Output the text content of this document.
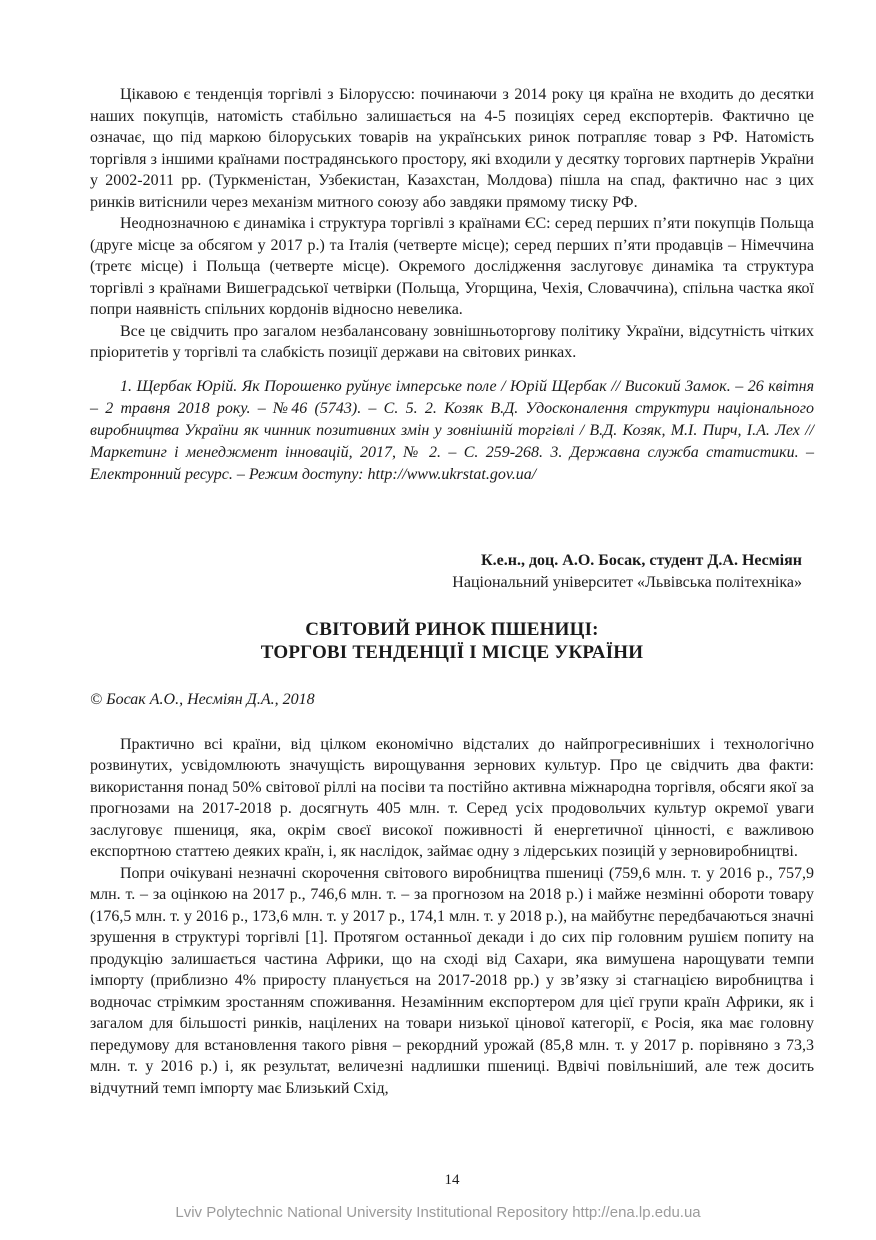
Цікавою є тенденція торгівлі з Білоруссю: починаючи з 2014 року ця країна не входить до десятки наших покупців, натомість стабільно залишається на 4-5 позиціях серед експортерів. Фактично це означає, що під маркою білоруських товарів на українських ринок потрапляє товар з РФ. Натомість торгівля з іншими країнами пострадянського простору, які входили у десятку торгових партнерів України у 2002-2011 рр. (Туркменістан, Узбекистан, Казахстан, Молдова) пішла на спад, фактично нас з цих ринків витіснили через механізм митного союзу або завдяки прямому тиску РФ.

Неоднозначною є динаміка і структура торгівлі з країнами ЄС: серед перших п’яти покупців Польща (друге місце за обсягом у 2017 р.) та Італія (четверте місце); серед перших п’яти продавців – Німеччина (третє місце) і Польща (четверте місце). Окремого дослідження заслуговує динаміка та структура торгівлі з країнами Вишеградської четвірки (Польща, Угорщина, Чехія, Словаччина), спільна частка якої попри наявність спільних кордонів відносно невелика.

Все це свідчить про загалом незбалансовану зовнішньоторгову політику України, відсутність чітких пріоритетів у торгівлі та слабкість позиції держави на світових ринках.

1. Щербак Юрій. Як Порошенко руйнує імперське поле / Юрій Щербак // Високий Замок. – 26 квітня – 2 травня 2018 року. – №46 (5743). – С. 5. 2. Козяк В.Д. Удосконалення структури національного виробництва України як чинник позитивних змін у зовнішній торгівлі / В.Д. Козяк, М.І. Пирч, І.А. Лех // Маркетинг і менеджмент інновацій, 2017, № 2. – С. 259-268. 3. Державна служба статистики. – Електронний ресурс. – Режим доступу: http://www.ukrstat.gov.ua/

К.е.н., доц. А.О. Босак, студент Д.А. Несміян
Національний університет «Львівська політехніка»
СВІТОВИЙ РИНОК ПШЕНИЦІ:
ТОРГОВІ ТЕНДЕНЦІЇ І МІСЦЕ УКРАЇНИ

© Босак А.О., Несміян Д.А., 2018

Практично всі країни, від цілком економічно відсталих до найпрогресивніших і технологічно розвинутих, усвідомлюють значущість вирощування зернових культур. Про це свідчить два факти: використання понад 50% світової ріллі на посіви та постійно активна міжнародна торгівля, обсяги якої за прогнозами на 2017-2018 р. досягнуть 405 млн. т. Серед усіх продовольчих культур окремої уваги заслуговує пшениця, яка, окрім своєї високої поживності й енергетичної цінності, є важливою експортною статтею деяких країн, і, як наслідок, займає одну з лідерських позицій у зерновиробництві.

Попри очікувані незначні скорочення світового виробництва пшениці (759,6 млн. т. у 2016 р., 757,9 млн. т. – за оцінкою на 2017 р., 746,6 млн. т. – за прогнозом на 2018 р.) і майже незмінні обороти товару (176,5 млн. т. у 2016 р., 173,6 млн. т. у 2017 р., 174,1 млн. т. у 2018 р.), на майбутнє передбачаються значні зрушення в структурі торгівлі [1]. Протягом останньої декади і до сих пір головним рушієм попиту на продукцію залишається частина Африки, що на сході від Сахари, яка вимушена нарощувати темпи імпорту (приблизно 4% приросту планується на 2017-2018 рр.) у зв’язку зі стагнацією виробництва і водночас стрімким зростанням споживання. Незамінним експортером для цієї групи країн Африки, як і загалом для більшості ринків, націлених на товари низької цінової категорії, є Росія, яка має головну передумову для встановлення такого рівня – рекордний урожай (85,8 млн. т. у 2017 р. порівняно з 73,3 млн. т. у 2016 р.) і, як результат, величезні надлишки пшениці. Вдвічі повільніший, але теж досить відчутний темп імпорту має Близький Схід,

14
Lviv Polytechnic National University Institutional Repository http://ena.lp.edu.ua
